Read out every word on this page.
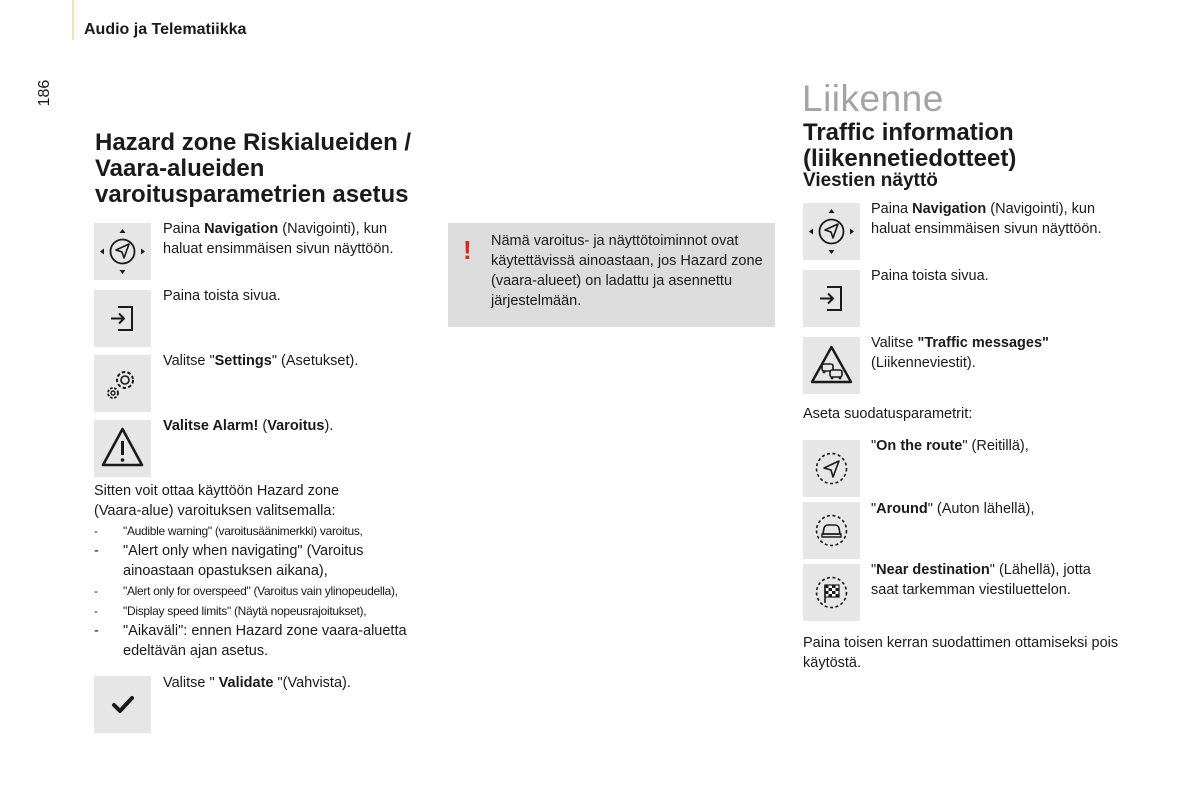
Audio ja Telematiikka
186
Hazard zone Riskialueiden / Vaara-alueiden varoitusparametrien asetus
Paina Navigation (Navigointi), kun haluat ensimmäisen sivun näyttöön.
Paina toista sivua.
Valitse "Settings" (Asetukset).
Valitse Alarm! (Varoitus).
Sitten voit ottaa käyttöön Hazard zone (Vaara-alue) varoituksen valitsemalla:
- "Audible warning" (varoitusäänimerkki) varoitus,
- "Alert only when navigating" (Varoitus ainoastaan opastuksen aikana),
- "Alert only for overspeed" (Varoitus vain ylinopeudella),
- "Display speed limits" (Näytä nopeusrajoitukset),
- "Aikaväli": ennen Hazard zone vaara-aluetta edeltävän ajan asetus.
Valitse " Validate "(Vahvista).
! Nämä varoitus- ja näyttötoiminnot ovat käytettävissä ainoastaan, jos Hazard zone (vaara-alueet) on ladattu ja asennettu järjestelmään.
Liikenne
Traffic information (liikennetiedotteet)
Viestien näyttö
Paina Navigation (Navigointi), kun haluat ensimmäisen sivun näyttöön.
Paina toista sivua.
Valitse "Traffic messages" (Liikenneviestit).
Aseta suodatusparametrit:
"On the route" (Reitillä),
"Around" (Auton lähellä),
"Near destination" (Lähellä), jotta saat tarkemman viestiluettelon.
Paina toisen kerran suodattimen ottamiseksi pois käytöstä.
